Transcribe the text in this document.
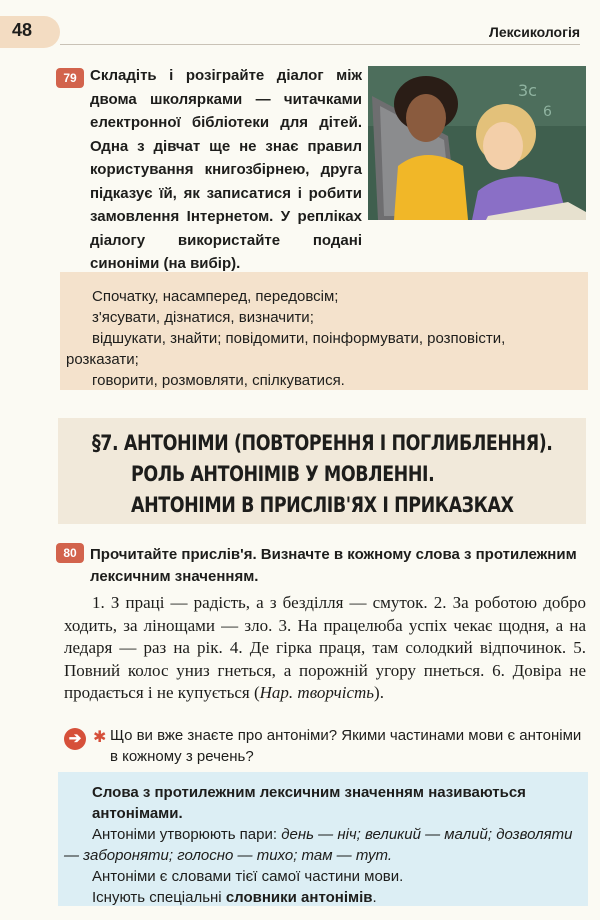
48	Лексикологія
79 Складіть і розіграйте діалог між двома школярками — читачками електронної бібліотеки для дітей. Одна з дівчат ще не знає правил користування книгозбірнею, друга підказує їй, як записатися і робити замовлення Інтернетом. У репліках діалогу використайте подані синоніми (на вибір).
3c
6
Спочатку, насамперед, передовсім;
з'ясувати, дізнатися, визначити;
відшукати, знайти; повідомити, поінформувати, розповісти,
розказати;
говорити, розмовляти, спілкуватися.
§7. АНТОНІМИ (ПОВТОРЕННЯ І ПОГЛИБЛЕННЯ).
РОЛЬ АНТОНІМІВ У МОВЛЕННІ.
АНТОНІМИ В ПРИСЛІВ'ЯХ І ПРИКАЗКАХ
80 Прочитайте прислів'я. Визначте в кожному слова з протилежним лексичним значенням.
1. З праці — радість, а з безділля — смуток. 2. За роботою добро ходить, за лінощами — зло. 3. На працелюба успіх чекає щодня, а на ледаря — раз на рік. 4. Де гірка праця, там солодкий відпочинок. 5. Повний колос униз гнеться, а порожній угору пнеться. 6. Довіра не продається і не купується (Нар. творчість).
➔ ✱ Що ви вже знаєте про антоніми? Якими частинами мови є антоніми в кожному з речень?
Слова з протилежним лексичним значенням називаються антонімами.
Антоніми утворюють пари: день — ніч; великий — малий; дозволяти — забороняти; голосно — тихо; там — тут.
Антоніми є словами тієї самої частини мови.
Існують спеціальні словники антонімів.
